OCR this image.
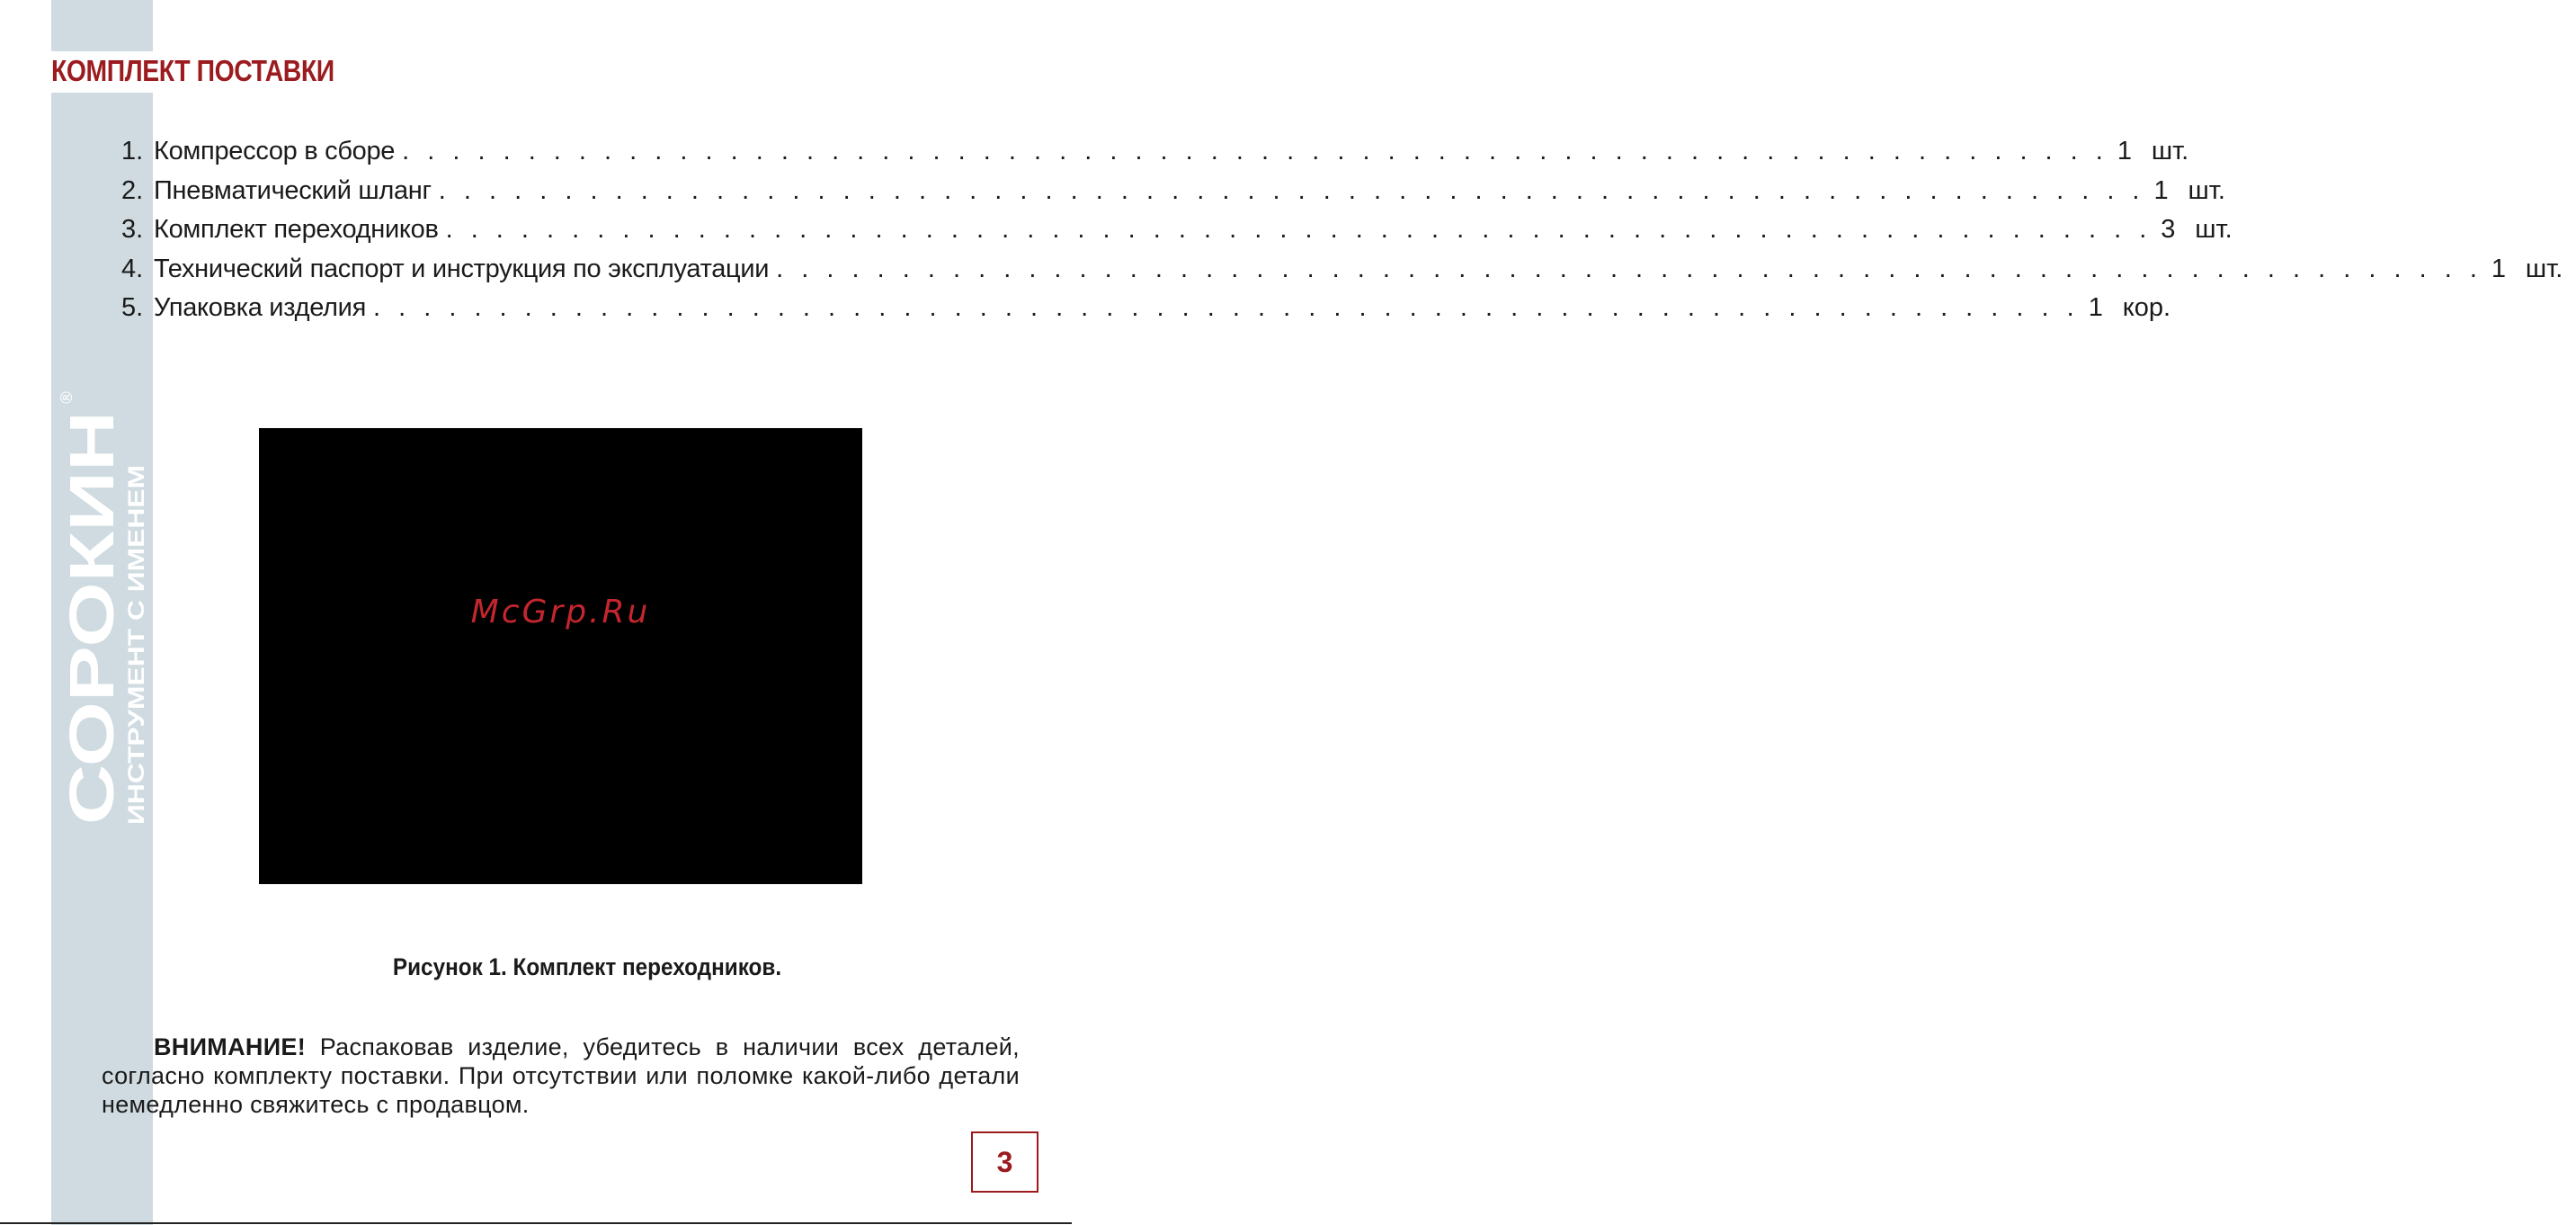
КОМПЛЕКТ ПОСТАВКИ
1. Компрессор в сборе . . .	1 шт.
2. Пневматический шланг . . .	1 шт.
3. Комплект переходников . . .	3 шт.
4. Технический паспорт и инструкция по эксплуатации . . .	1 шт.
5. Упаковка изделия . . .	1 кор.
СОРОКИН
ИНСТРУМЕНТ С ИМЕНЕМ
®
McGrp.Ru
Рисунок 1. Комплект переходников.

ВНИМАНИЕ! Распаковав изделие, убедитесь в наличии всех деталей, согласно комплекту поставки. При отсутствии или поломке какой-либо детали немедленно свяжитесь с продавцом.

3
